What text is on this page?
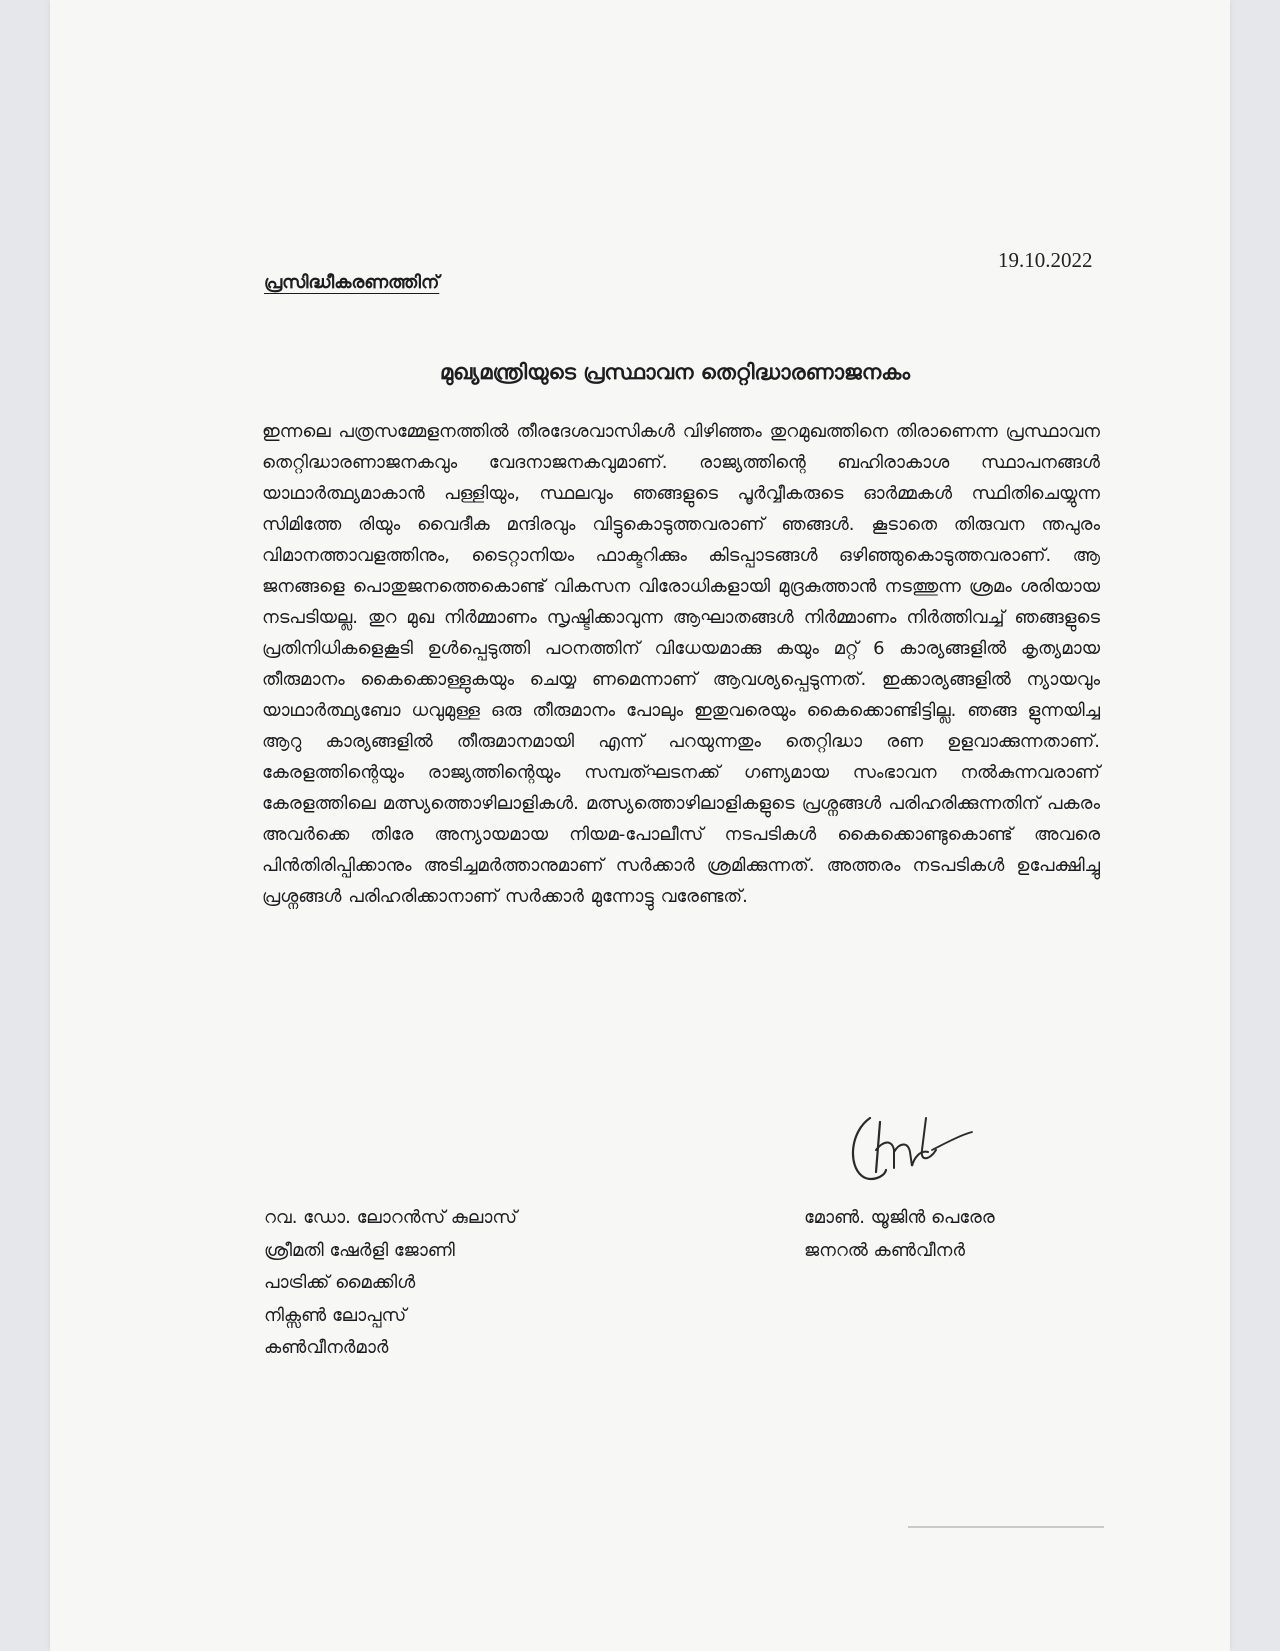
19.10.2022
പ്രസിദ്ധീകരണത്തിന്
മുഖ്യമന്ത്രിയുടെ പ്രസ്ഥാവന തെറ്റിദ്ധാരണാജനകം

ഇന്നലെ പത്രസമ്മേളനത്തിൽ തീരദേശവാസികൾ വിഴിഞ്ഞം തുറമുഖത്തിനെ തിരാണെന്ന പ്രസ്ഥാവന തെറ്റിദ്ധാരണാജനകവും വേദനാജനകവുമാണ്. രാജ്യത്തിന്റെ ബഹിരാകാശ സ്ഥാപനങ്ങൾ യാഥാർത്ഥ്യമാകാൻ പള്ളിയും, സ്ഥലവും ഞങ്ങളുടെ പൂർവ്വീകരുടെ ഓർമ്മകൾ സ്ഥിതിചെയ്യുന്ന സിമിത്തേ രിയും വൈദീക മന്ദിരവും വിട്ടുകൊടുത്തവരാണ് ഞങ്ങൾ. കൂടാതെ തിരുവന ന്തപുരം വിമാനത്താവളത്തിനും, ടൈറ്റാനിയം ഫാക്ടറിക്കും കിടപ്പാടങ്ങൾ ഒഴിഞ്ഞുകൊടുത്തവരാണ്. ആ ജനങ്ങളെ പൊതുജനത്തെകൊണ്ട് വികസന വിരോധികളായി മുദ്രകുത്താൻ നടത്തുന്ന ശ്രമം ശരിയായ നടപടിയല്ല. തുറ മുഖ നിർമ്മാണം സൃഷ്ടിക്കാവുന്ന ആഘാതങ്ങൾ നിർമ്മാണം നിർത്തിവച്ച് ഞങ്ങളുടെ പ്രതിനിധികളെകൂടി ഉൾപ്പെടുത്തി പഠനത്തിന് വിധേയമാക്കു കയും മറ്റ് 6 കാര്യങ്ങളിൽ കൃത്യമായ തീരുമാനം കൈക്കൊള്ളുകയും ചെയ്യ ണമെന്നാണ് ആവശ്യപ്പെടുന്നത്. ഇക്കാര്യങ്ങളിൽ ന്യായവും യാഥാർത്ഥ്യബോ ധവുമുള്ള ഒരു തീരുമാനം പോലും ഇതുവരെയും കൈക്കൊണ്ടിട്ടില്ല. ഞങ്ങ ളുന്നയിച്ച ആറു കാര്യങ്ങളിൽ തീരുമാനമായി എന്ന് പറയുന്നതും തെറ്റിദ്ധാ രണ ഉളവാക്കുന്നതാണ്. കേരളത്തിന്റെയും രാജ്യത്തിന്റെയും സമ്പത്ഘടനക്ക് ഗണ്യമായ സംഭാവന നൽകുന്നവരാണ് കേരളത്തിലെ മത്സ്യത്തൊഴിലാളികൾ. മത്സ്യത്തൊഴിലാളികളുടെ പ്രശ്നങ്ങൾ പരിഹരിക്കുന്നതിന് പകരം അവർക്കെ തിരേ അന്യായമായ നിയമ-പോലീസ് നടപടികൾ കൈക്കൊണ്ടുകൊണ്ട് അവരെ പിൻതിരിപ്പിക്കാനും അടിച്ചമർത്താനുമാണ് സർക്കാർ ശ്രമിക്കുന്നത്. അത്തരം നടപടികൾ ഉപേക്ഷിച്ചു പ്രശ്നങ്ങൾ പരിഹരിക്കാനാണ് സർക്കാർ മുന്നോട്ടു വരേണ്ടത്.

റവ. ഡോ. ലോറൻസ് കുലാസ്
ശ്രീമതി ഷേർളി ജോണി
പാട്രിക്ക് മൈക്കിൾ
നിക്സൺ ലോപ്പസ്
കൺവീനർമാർ
മോൺ. യൂജിൻ പെരേര
ജനറൽ കൺവീനർ
